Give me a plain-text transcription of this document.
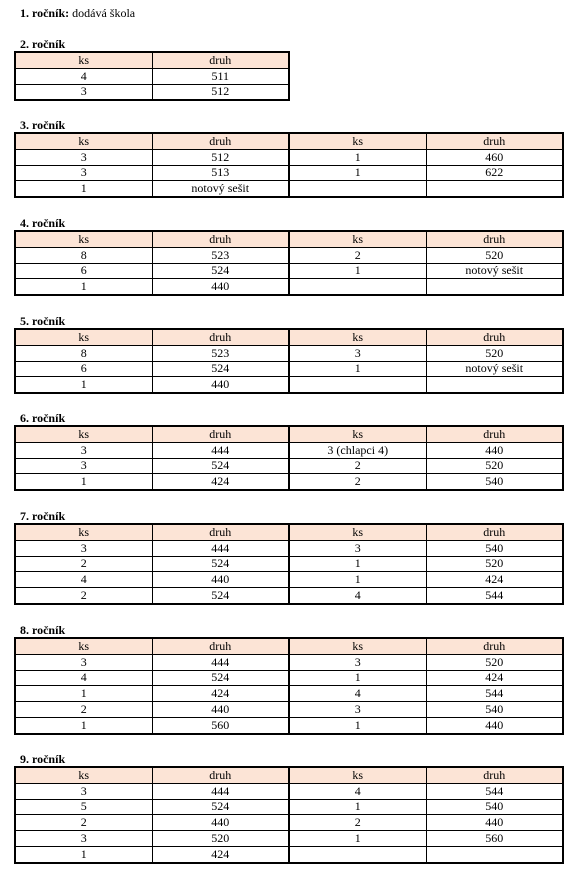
1. ročník: dodává škola
2. ročník
ks	druh
4	511
3	512
3. ročník
ks	druh	ks	druh
3	512	1	460
3	513	1	622
1	notový sešit		
4. ročník
ks	druh	ks	druh
8	523	2	520
6	524	1	notový sešit
1	440		
5. ročník
ks	druh	ks	druh
8	523	3	520
6	524	1	notový sešit
1	440		
6. ročník
ks	druh	ks	druh
3	444	3 (chlapci 4)	440
3	524	2	520
1	424	2	540
7. ročník
ks	druh	ks	druh
3	444	3	540
2	524	1	520
4	440	1	424
2	524	4	544
8. ročník
ks	druh	ks	druh
3	444	3	520
4	524	1	424
1	424	4	544
2	440	3	540
1	560	1	440
9. ročník
ks	druh	ks	druh
3	444	4	544
5	524	1	540
2	440	2	440
3	520	1	560
1	424		
